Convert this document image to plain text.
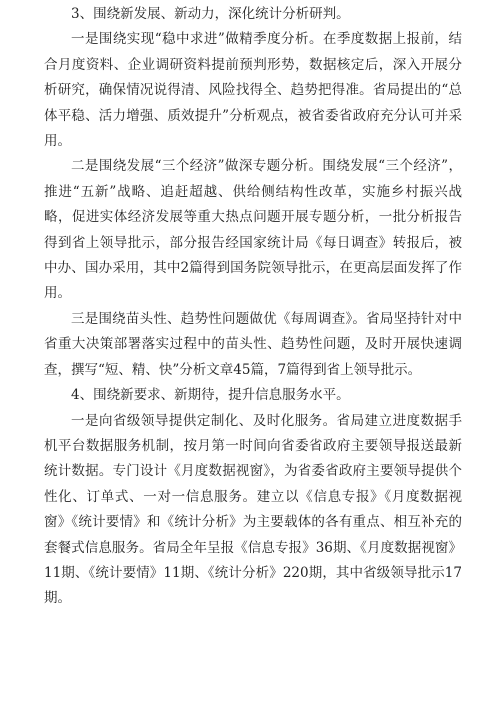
3、围绕新发展、新动力，深化统计分析研判。

一是围绕实现“稳中求进”做精季度分析。在季度数据上报前，结合月度资料、企业调研资料提前预判形势，数据核定后，深入开展分析研究，确保情况说得清、风险找得全、趋势把得准。省局提出的“总体平稳、活力增强、质效提升”分析观点，被省委省政府充分认可并采用。

二是围绕发展“三个经济”做深专题分析。围绕发展“三个经济”，推进“五新”战略、追赶超越、供给侧结构性改革，实施乡村振兴战略，促进实体经济发展等重大热点问题开展专题分析，一批分析报告得到省上领导批示，部分报告经国家统计局《每日调查》转报后，被中办、国办采用，其中2篇得到国务院领导批示，在更高层面发挥了作用。

三是围绕苗头性、趋势性问题做优《每周调查》。省局坚持针对中省重大决策部署落实过程中的苗头性、趋势性问题，及时开展快速调查，撰写“短、精、快”分析文章45篇，7篇得到省上领导批示。

4、围绕新要求、新期待，提升信息服务水平。

一是向省级领导提供定制化、及时化服务。省局建立进度数据手机平台数据服务机制，按月第一时间向省委省政府主要领导报送最新统计数据。专门设计《月度数据视窗》，为省委省政府主要领导提供个性化、订单式、一对一信息服务。建立以《信息专报》《月度数据视窗》《统计要情》和《统计分析》为主要载体的各有重点、相互补充的套餐式信息服务。省局全年呈报《信息专报》36期、《月度数据视窗》11期、《统计要情》11期、《统计分析》220期，其中省级领导批示17期。
